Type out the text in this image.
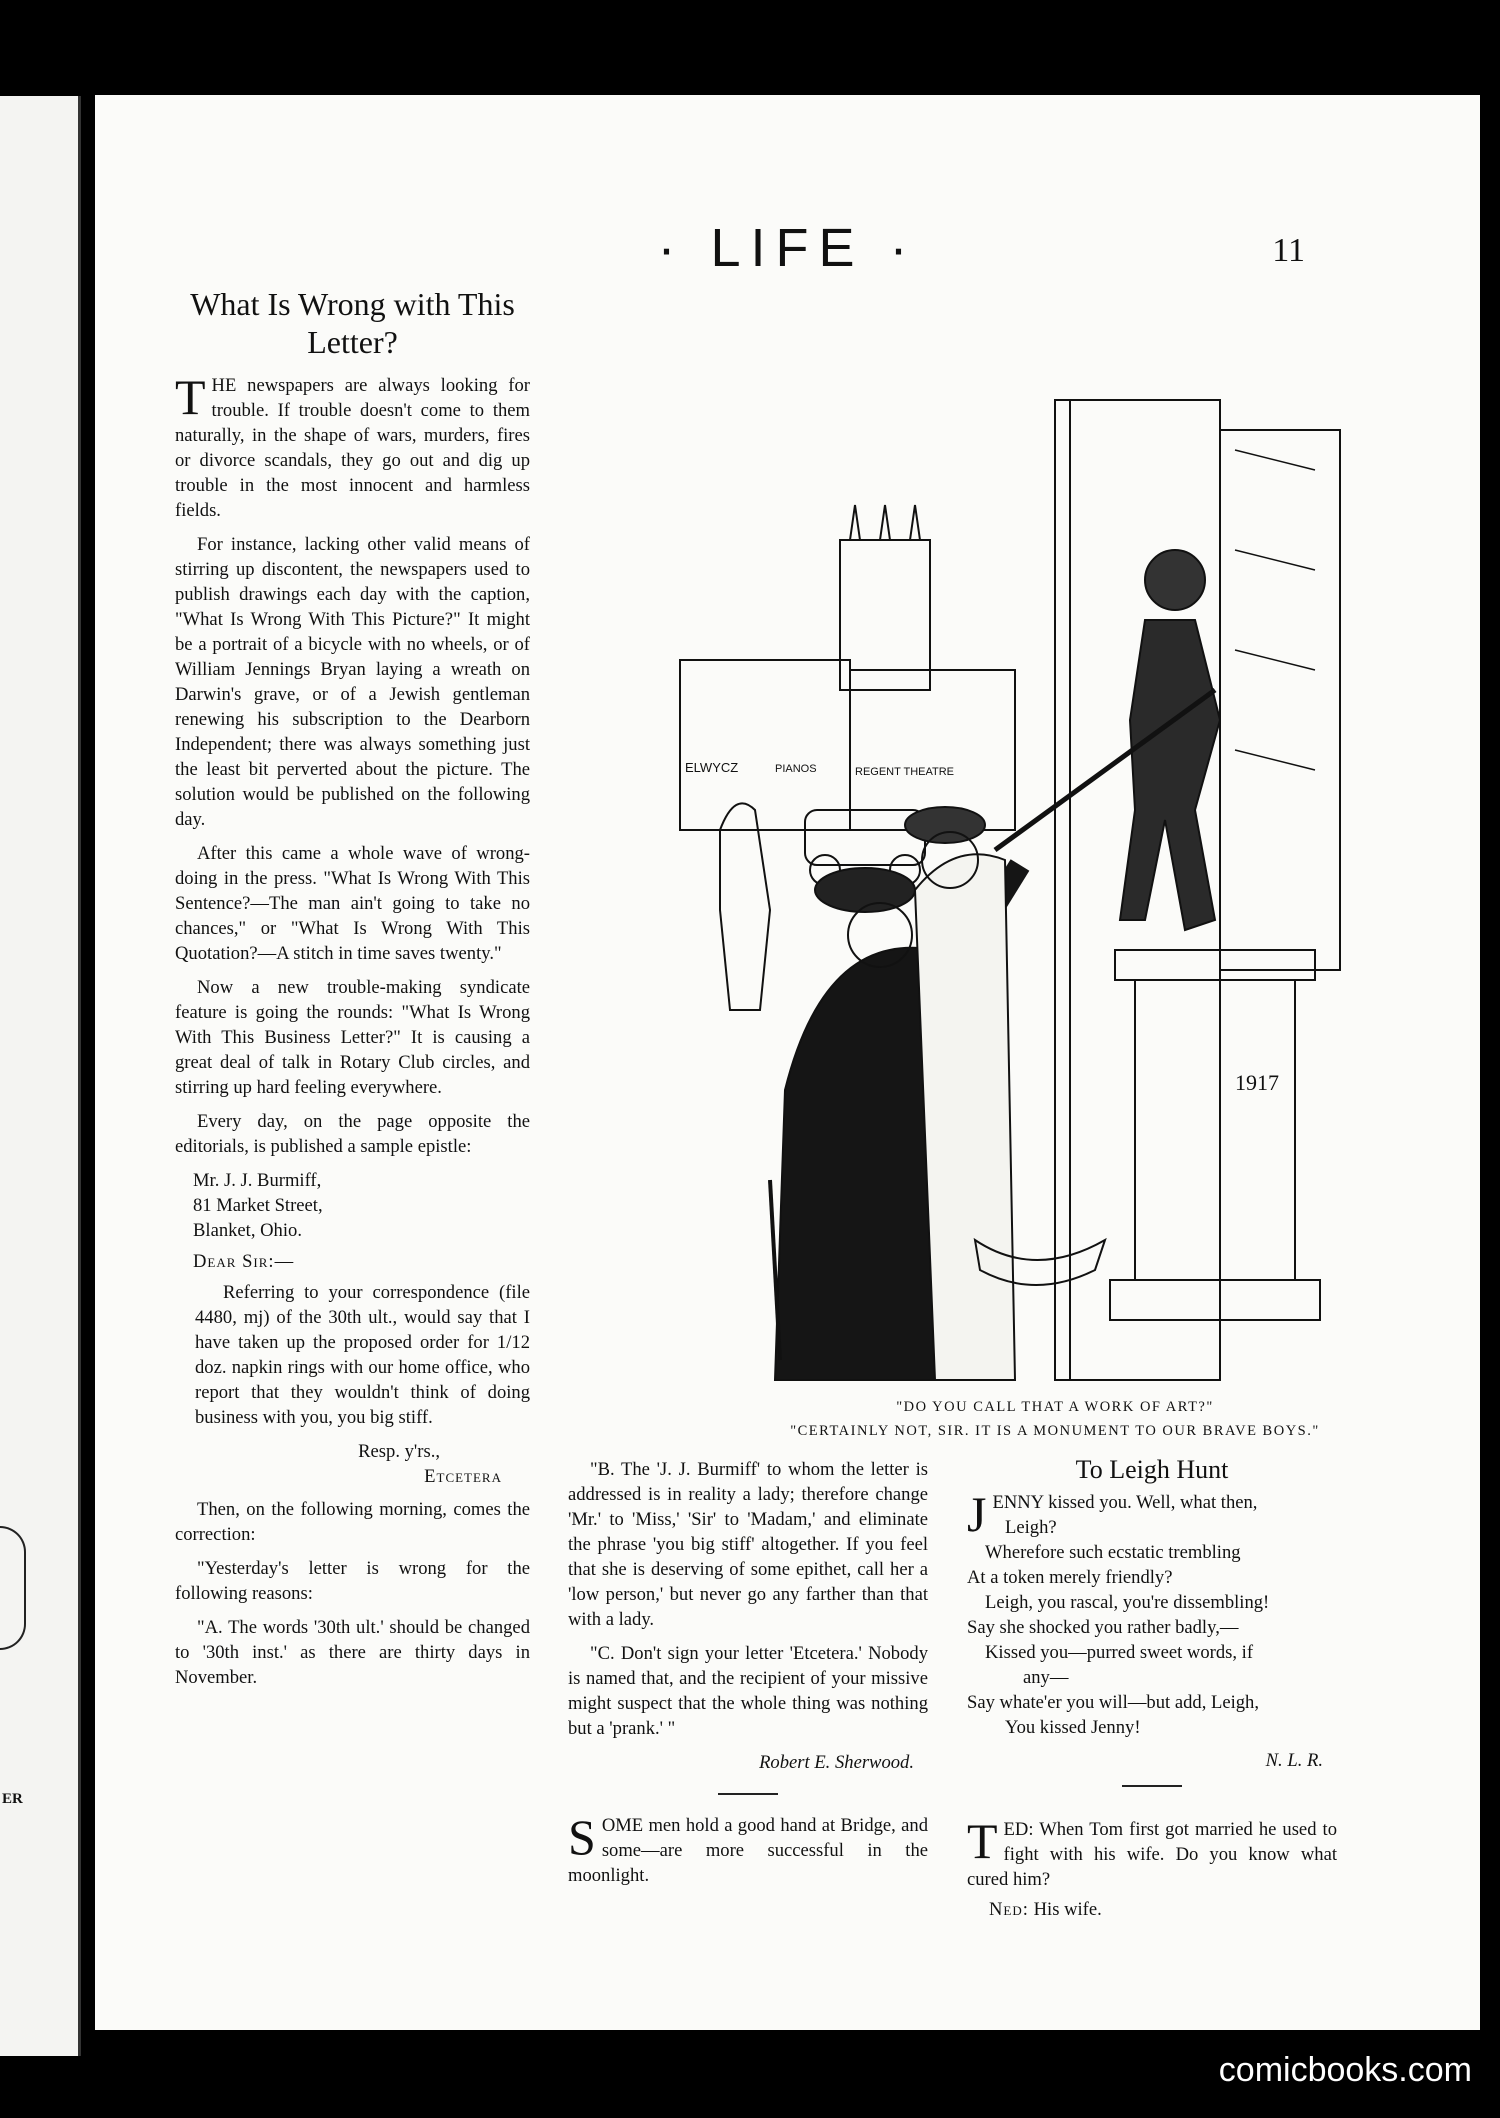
ER
· LIFE ·	11
What Is Wrong with This Letter?

THE newspapers are always looking for trouble. If trouble doesn't come to them naturally, in the shape of wars, murders, fires or divorce scandals, they go out and dig up trouble in the most innocent and harmless fields.

For instance, lacking other valid means of stirring up discontent, the newspapers used to publish drawings each day with the caption, "What Is Wrong With This Picture?" It might be a portrait of a bicycle with no wheels, or of William Jennings Bryan laying a wreath on Darwin's grave, or of a Jewish gentleman renewing his subscription to the Dearborn Independent; there was always something just the least bit perverted about the picture. The solution would be published on the following day.

After this came a whole wave of wrong-doing in the press. "What Is Wrong With This Sentence?—The man ain't going to take no chances," or "What Is Wrong With This Quotation?—A stitch in time saves twenty."

Now a new trouble-making syndicate feature is going the rounds: "What Is Wrong With This Business Letter?" It is causing a great deal of talk in Rotary Club circles, and stirring up hard feeling everywhere.

Every day, on the page opposite the editorials, is published a sample epistle:

Mr. J. J. Burmiff,
81 Market Street,
Blanket, Ohio.
Dear Sir:—

Referring to your correspondence (file 4480, mj) of the 30th ult., would say that I have taken up the proposed order for 1/12 doz. napkin rings with our home office, who report that they wouldn't think of doing business with you, you big stiff.

Resp. y'rs.,
Etcetera

Then, on the following morning, comes the correction:

"Yesterday's letter is wrong for the following reasons:

"A. The words '30th ult.' should be changed to '30th inst.' as there are thirty days in November.

1917
ELWYCZ	PIANOS	REGENT THEATRE
"DO YOU CALL THAT A WORK OF ART?"
"CERTAINLY NOT, SIR. IT IS A MONUMENT TO OUR BRAVE BOYS."

"B. The 'J. J. Burmiff' to whom the letter is addressed is in reality a lady; therefore change 'Mr.' to 'Miss,' 'Sir' to 'Madam,' and eliminate the phrase 'you big stiff' altogether. If you feel that she is deserving of some epithet, call her a 'low person,' but never go any farther than that with a lady.

"C. Don't sign your letter 'Etcetera.' Nobody is named that, and the recipient of your missive might suspect that the whole thing was nothing but a 'prank.' "

Robert E. Sherwood.

SOME men hold a good hand at Bridge, and some—are more successful in the moonlight.

To Leigh Hunt
JENNY kissed you. Well, what then,
Leigh?
Wherefore such ecstatic trembling
At a token merely friendly?
Leigh, you rascal, you're dissembling!
Say she shocked you rather badly,—
Kissed you—purred sweet words, if
any—
Say whate'er you will—but add, Leigh,
You kissed Jenny!
N. L. R.

TED: When Tom first got married he used to fight with his wife. Do you know what cured him?

Ned: His wife.

comicbooks.com
